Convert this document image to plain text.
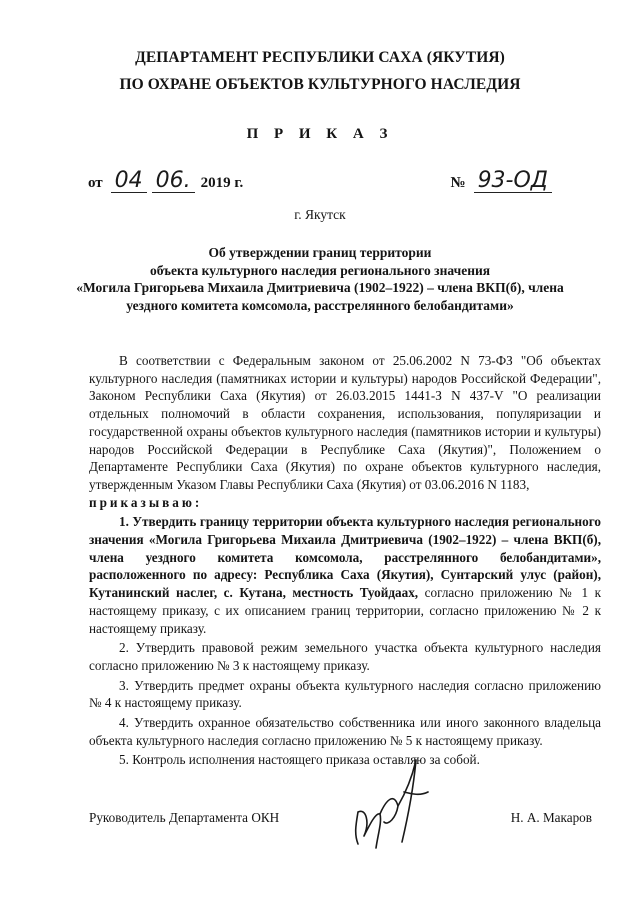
ДЕПАРТАМЕНТ РЕСПУБЛИКИ САХА (ЯКУТИЯ)
ПО ОХРАНЕ ОБЪЕКТОВ КУЛЬТУРНОГО НАСЛЕДИЯ
П Р И К А З
от 04 06. 2019 г.	№ 93-ОД
г. Якутск
Об утверждении границ территории
объекта культурного наследия регионального значения
«Могила Григорьева Михаила Дмитриевича (1902–1922) – члена ВКП(б), члена
уездного комитета комсомола, расстрелянного белобандитами»

В соответствии с Федеральным законом от 25.06.2002 N 73-ФЗ "Об объектах культурного наследия (памятниках истории и культуры) народов Российской Федерации", Законом Республики Саха (Якутия) от 26.03.2015 1441-З N 437-V "О реализации отдельных полномочий в области сохранения, использования, популяризации и государственной охраны объектов культурного наследия (памятников истории и культуры) народов Российской Федерации в Республике Саха (Якутия)", Положением о Департаменте Республики Саха (Якутия) по охране объектов культурного наследия, утвержденным Указом Главы Республики Саха (Якутия) от 03.06.2016 N 1183,

приказываю:

1. Утвердить границу территории объекта культурного наследия регионального значения «Могила Григорьева Михаила Дмитриевича (1902–1922) – члена ВКП(б), члена уездного комитета комсомола, расстрелянного белобандитами», расположенного по адресу: Республика Саха (Якутия), Сунтарский улус (район), Кутанинский наслег, с. Кутана, местность Туойдаах, согласно приложению № 1 к настоящему приказу, с их описанием границ территории, согласно приложению № 2 к настоящему приказу.

2. Утвердить правовой режим земельного участка объекта культурного наследия согласно приложению № 3 к настоящему приказу.

3. Утвердить предмет охраны объекта культурного наследия согласно приложению № 4 к настоящему приказу.

4. Утвердить охранное обязательство собственника или иного законного владельца объекта культурного наследия согласно приложению № 5 к настоящему приказу.

5. Контроль исполнения настоящего приказа оставляю за собой.

Руководитель Департамента ОКН	Н. А. Макаров
